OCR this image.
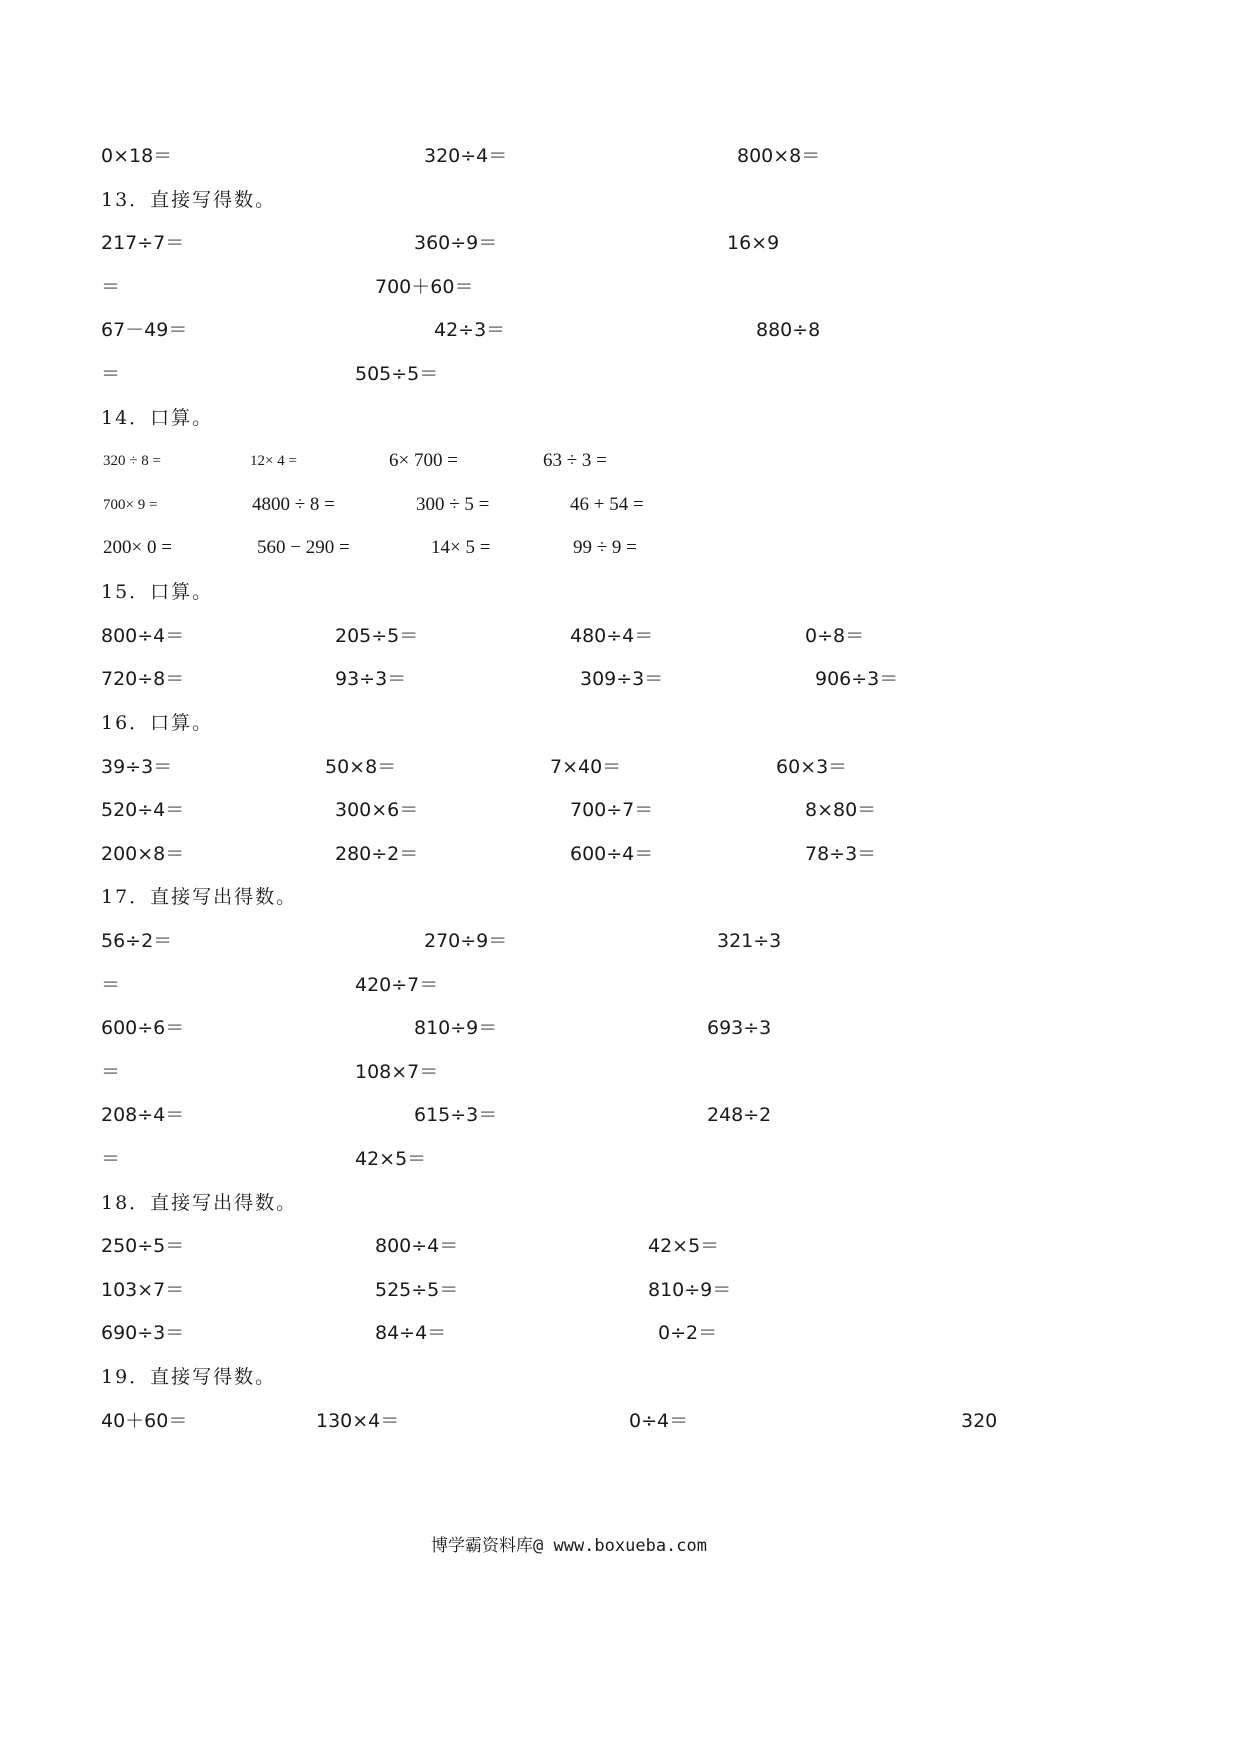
0×18＝	320÷4＝	800×8＝
13．直接写得数。
217÷7＝	360÷9＝	16×9
＝	700＋60＝
67－49＝	42÷3＝	880÷8
＝	505÷5＝
14．口算。
320 ÷ 8 =	12× 4 =	6× 700 =	63 ÷ 3 =
700× 9 =	4800 ÷ 8 =	300 ÷ 5 =	46 + 54 =
200× 0 =	560 − 290 =	14× 5 =	99 ÷ 9 =
15．口算。
800÷4＝	205÷5＝	480÷4＝	0÷8＝
720÷8＝	93÷3＝	309÷3＝	906÷3＝
16．口算。
39÷3＝	50×8＝	7×40＝	60×3＝
520÷4＝	300×6＝	700÷7＝	8×80＝
200×8＝	280÷2＝	600÷4＝	78÷3＝
17．直接写出得数。
56÷2＝	270÷9＝	321÷3
＝	420÷7＝
600÷6＝	810÷9＝	693÷3
＝	108×7＝
208÷4＝	615÷3＝	248÷2
＝	42×5＝
18．直接写出得数。
250÷5＝	800÷4＝	42×5＝
103×7＝	525÷5＝	810÷9＝
690÷3＝	84÷4＝	0÷2＝
19．直接写得数。
40＋60＝	130×4＝	0÷4＝	320
博学霸资料库@ www.boxueba.com
